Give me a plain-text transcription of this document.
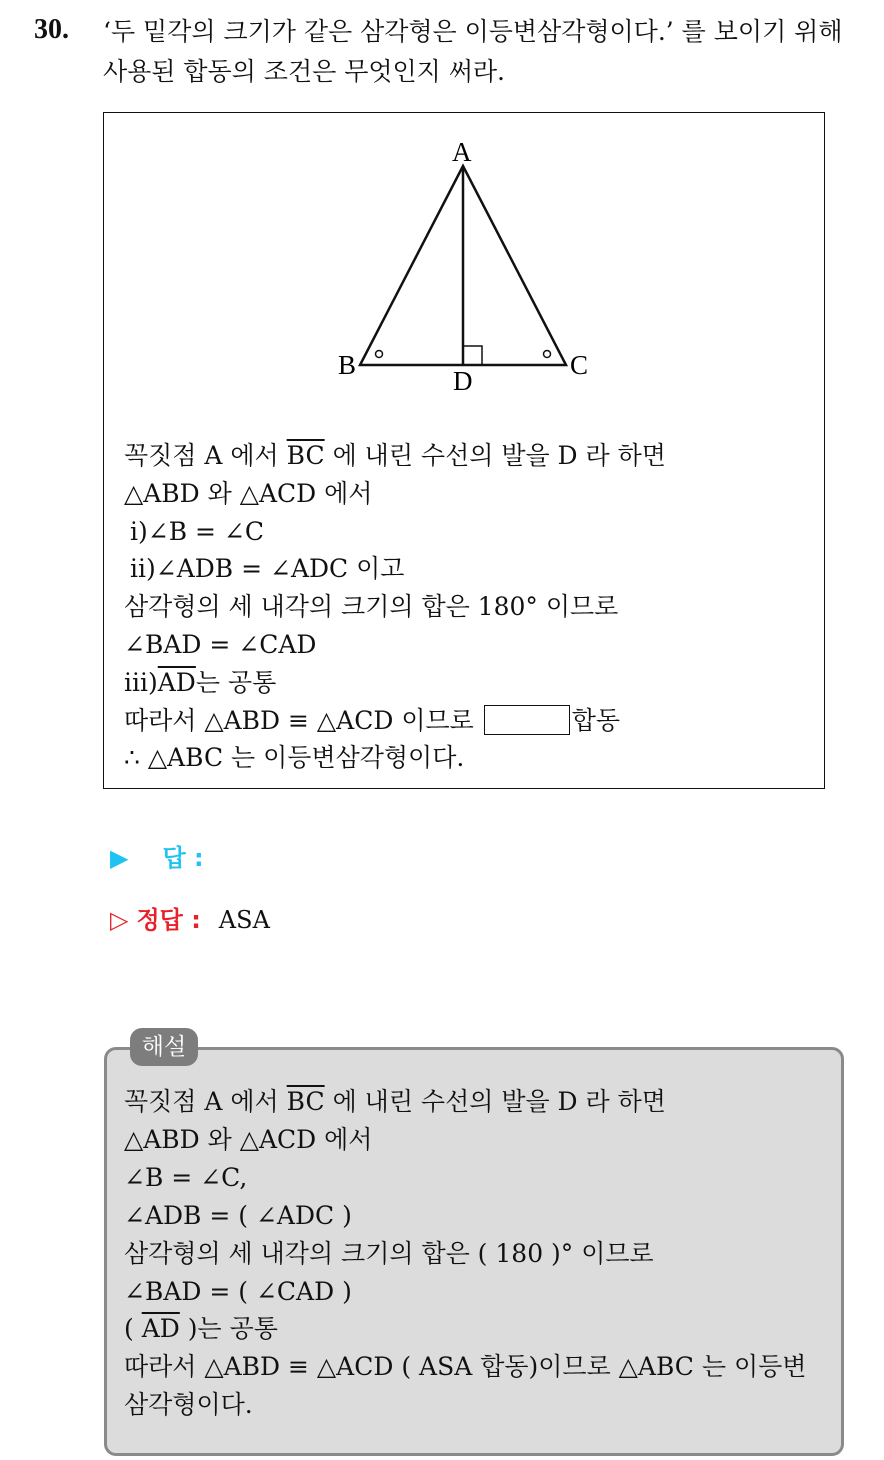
30. ‘두 밑각의 크기가 같은 삼각형은 이등변삼각형이다.’ 를 보이기 위해 사용된 합동의 조건은 무엇인지 써라.
A
B	C
D
꼭짓점 A 에서 $\overline{BC}$ 에 내린 수선의 발을 D 라 하면
△ABD 와 △ACD 에서
ⅰ)∠B = ∠C
ⅱ)∠ADB = ∠ADC 이고
삼각형의 세 내각의 크기의 합은 180° 이므로
∠BAD = ∠CAD
$ⅲ)\overline{AD}$는 공통
따라서 △ABD ≡ △ACD 이므로	합동
∴ △ABC 는 이등변삼각형이다.
▶ 답 :
▷ 정답 : ASA
해설
꼭짓점 A 에서 $\overline{BC}$ 에 내린 수선의 발을 D 라 하면
△ABD 와 △ACD 에서
∠B = ∠C,
∠ADB = ( ∠ADC )
삼각형의 세 내각의 크기의 합은 ( 180 )° 이므로
∠BAD = ( ∠CAD )
( $\overline{AD}$ )는 공통
따라서 △ABD ≡ △ACD ( ASA 합동)이므로 △ABC 는 이등변 삼각형이다.
